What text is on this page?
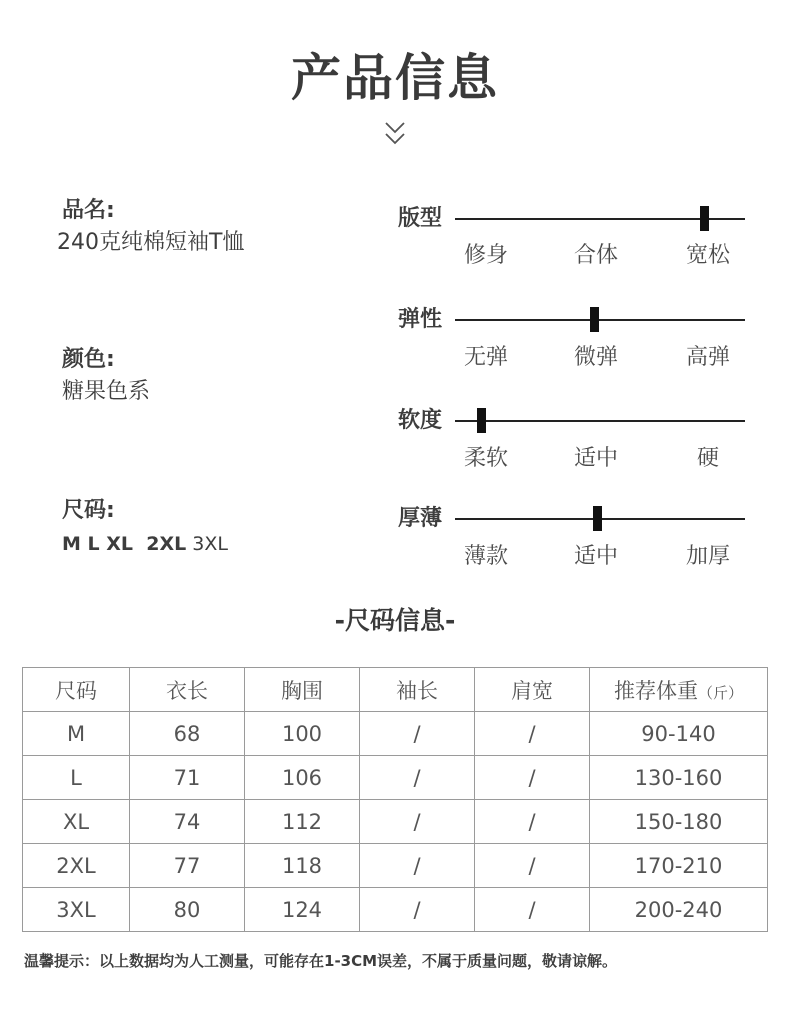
产品信息
品名:
240克纯棉短袖T恤
颜色:
糖果色系
尺码:
M L XL  2XL 3XL
版型
修身	合体	宽松
弹性
无弹	微弹	高弹
软度
柔软	适中	硬
厚薄
薄款	适中	加厚
-尺码信息-
尺码	衣长	胸围	袖长	肩宽	推荐体重（斤）
M	68	100	/	/	90-140
L	71	106	/	/	130-160
XL	74	112	/	/	150-180
2XL	77	118	/	/	170-210
3XL	80	124	/	/	200-240
温馨提示：以上数据均为人工测量，可能存在1-3CM误差，不属于质量问题，敬请谅解。
